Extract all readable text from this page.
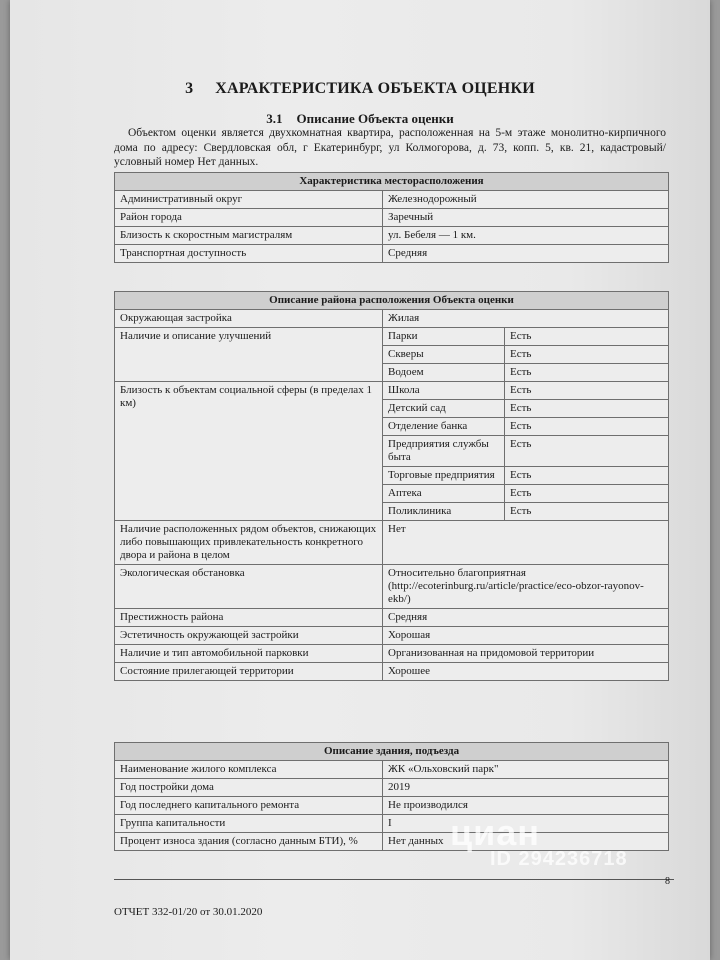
3 ХАРАКТЕРИСТИКА ОБЪЕКТА ОЦЕНКИ
3.1 Описание Объекта оценки
Объектом оценки является двухкомнатная квартира, расположенная на 5-м этаже монолитно-кирпичного дома по адресу: Свердловская обл, г Екатеринбург, ул Колмогорова, д. 73, копп. 5, кв. 21, кадастровый/условный номер Нет данных.
Характеристика месторасположения	
Административный округ	Железнодорожный
Район города	Заречный
Близость к скоростным магистралям	ул. Бебеля — 1 км.
Транспортная доступность	Средняя
Описание района расположения Объекта оценки		
Окружающая застройка	Жилая	
Наличие и описание улучшений	Парки	Есть
	Скверы	Есть
	Водоем	Есть
Близость к объектам социальной сферы (в пределах 1 км)	Школа	Есть
	Детский сад	Есть
	Отделение банка	Есть
	Предприятия службы быта	Есть
	Торговые предприятия	Есть
	Аптека	Есть
	Поликлиника	Есть
Наличие расположенных рядом объектов, снижающих либо повышающих привлекательность конкретного двора и района в целом	Нет	
Экологическая обстановка	Относительно благоприятная (http://ecoterinburg.ru/article/practice/eco-obzor-rayonov-ekb/)	
Престижность района	Средняя	
Эстетичность окружающей застройки	Хорошая	
Наличие и тип автомобильной парковки	Организованная на придомовой территории	
Состояние прилегающей территории	Хорошее	
Описание здания, подъезда	
Наименование жилого комплекса	ЖК «Ольховский парк"
Год постройки дома	2019
Год последнего капитального ремонта	Не производился
Группа капитальности	I
Процент износа здания (согласно данным БТИ), %	Нет данных циан
ID 294236718
8
ОТЧЕТ 332-01/20 от 30.01.2020
